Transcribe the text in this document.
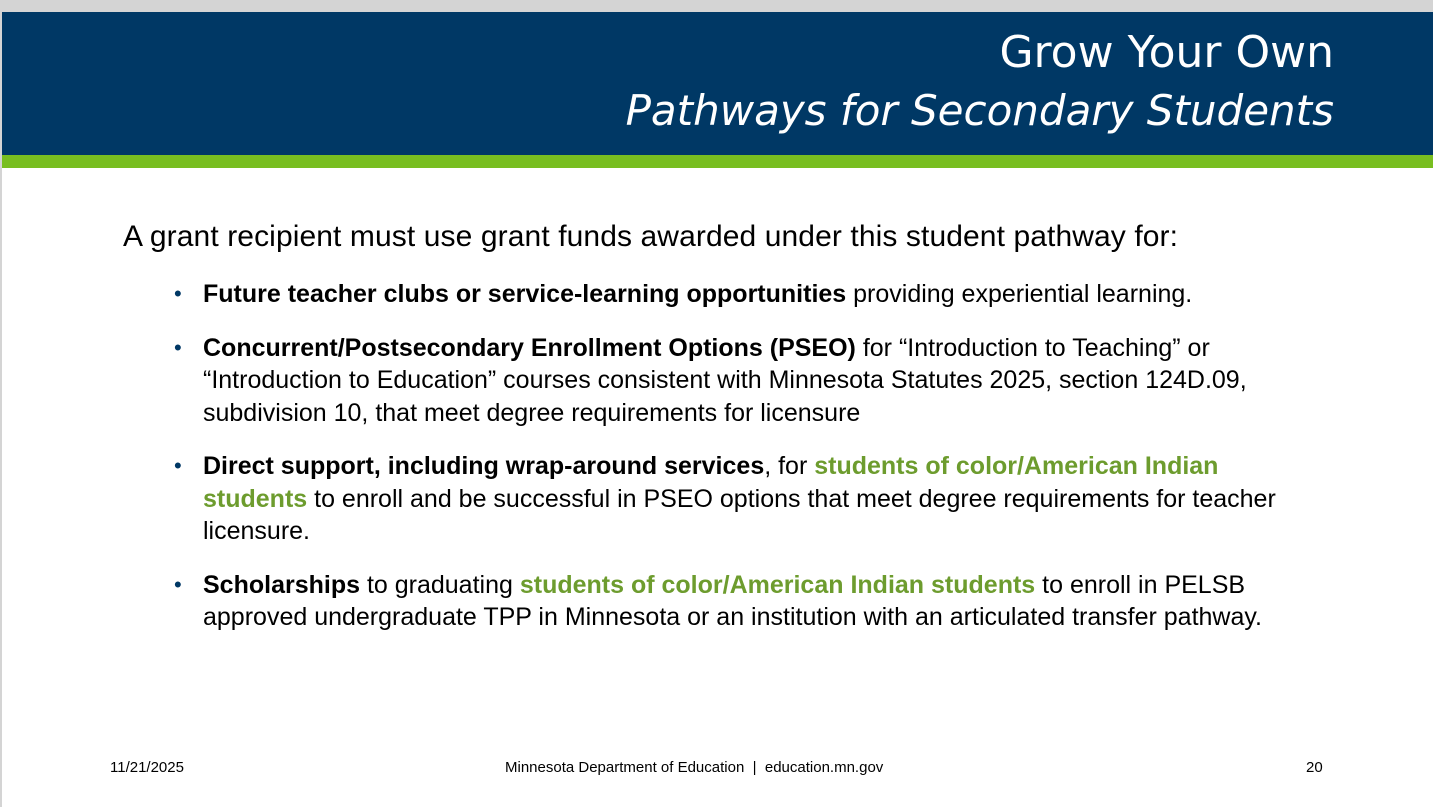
Grow Your Own
Pathways for Secondary Students
A grant recipient must use grant funds awarded under this student pathway for:
• Future teacher clubs or service-learning opportunities providing experiential learning.
• Concurrent/Postsecondary Enrollment Options (PSEO) for “Introduction to Teaching” or “Introduction to Education” courses consistent with Minnesota Statutes 2025, section 124D.09, subdivision 10, that meet degree requirements for licensure
• Direct support, including wrap-around services, for students of color/American Indian students to enroll and be successful in PSEO options that meet degree requirements for teacher licensure.
• Scholarships to graduating students of color/American Indian students to enroll in PELSB approved undergraduate TPP in Minnesota or an institution with an articulated transfer pathway.
11/21/2025	Minnesota Department of Education  |  education.mn.gov	20
